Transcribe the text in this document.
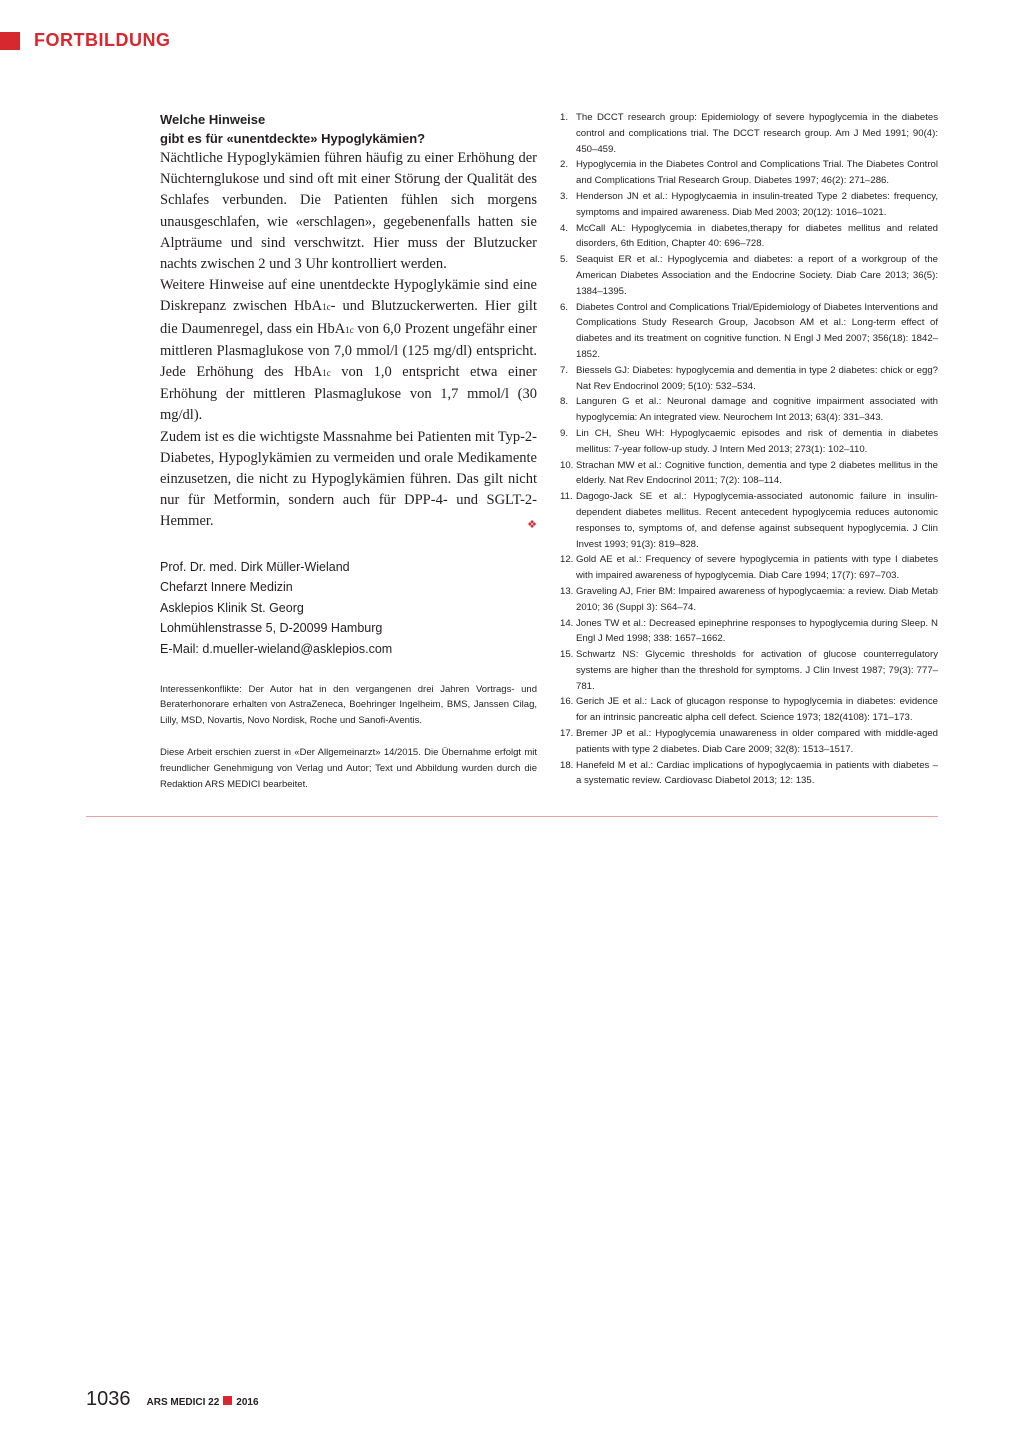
FORTBILDUNG
Welche Hinweise
gibt es für «unentdeckte» Hypoglykämien?

Nächtliche Hypoglykämien führen häufig zu einer Erhöhung der Nüchternglukose und sind oft mit einer Störung der Qualität des Schlafes verbunden. Die Patienten fühlen sich morgens unausgeschlafen, wie «erschlagen», gegebenenfalls hatten sie Alpträume und sind verschwitzt. Hier muss der Blutzucker nachts zwischen 2 und 3 Uhr kontrolliert werden.

Weitere Hinweise auf eine unentdeckte Hypoglykämie sind eine Diskrepanz zwischen HbA1c- und Blutzuckerwerten. Hier gilt die Daumenregel, dass ein HbA1c von 6,0 Prozent ungefähr einer mittleren Plasmaglukose von 7,0 mmol/l (125 mg/dl) entspricht. Jede Erhöhung des HbA1c von 1,0 entspricht etwa einer Erhöhung der mittleren Plasmaglukose von 1,7 mmol/l (30 mg/dl).

Zudem ist es die wichtigste Massnahme bei Patienten mit Typ-2-Diabetes, Hypoglykämien zu vermeiden und orale Medikamente einzusetzen, die nicht zu Hypoglykämien führen. Das gilt nicht nur für Metformin, sondern auch für DPP-4- und SGLT-2-Hemmer.	❖

Prof. Dr. med. Dirk Müller-Wieland
Chefarzt Innere Medizin
Asklepios Klinik St. Georg
Lohmühlenstrasse 5, D-20099 Hamburg
E-Mail: d.mueller-wieland@asklepios.com

Interessenkonflikte: Der Autor hat in den vergangenen drei Jahren Vortrags- und Beraterhonorare erhalten von AstraZeneca, Boehringer Ingelheim, BMS, Janssen Cilag, Lilly, MSD, Novartis, Novo Nordisk, Roche und Sanofi-Aventis.

Diese Arbeit erschien zuerst in «Der Allgemeinarzt» 14/2015. Die Übernahme erfolgt mit freundlicher Genehmigung von Verlag und Autor; Text und Abbildung wurden durch die Redaktion ARS MEDICI bearbeitet.

1. The DCCT research group: Epidemiology of severe hypoglycemia in the diabetes control and complications trial. The DCCT research group. Am J Med 1991; 90(4): 450–459.
2. Hypoglycemia in the Diabetes Control and Complications Trial. The Diabetes Control and Complications Trial Research Group. Diabetes 1997; 46(2): 271–286.
3. Henderson JN et al.: Hypoglycaemia in insulin-treated Type 2 diabetes: frequency, symptoms and impaired awareness. Diab Med 2003; 20(12): 1016–1021.
4. McCall AL: Hypoglycemia in diabetes,therapy for diabetes mellitus and related disorders, 6th Edition, Chapter 40: 696–728.
5. Seaquist ER et al.: Hypoglycemia and diabetes: a report of a workgroup of the American Diabetes Association and the Endocrine Society. Diab Care 2013; 36(5): 1384–1395.
6. Diabetes Control and Complications Trial/Epidemiology of Diabetes Interventions and Complications Study Research Group, Jacobson AM et al.: Long-term effect of diabetes and its treatment on cognitive function. N Engl J Med 2007; 356(18): 1842–1852.
7. Biessels GJ: Diabetes: hypoglycemia and dementia in type 2 diabetes: chick or egg? Nat Rev Endocrinol 2009; 5(10): 532–534.
8. Languren G et al.: Neuronal damage and cognitive impairment associated with hypoglycemia: An integrated view. Neurochem Int 2013; 63(4): 331–343.
9. Lin CH, Sheu WH: Hypoglycaemic episodes and risk of dementia in diabetes mellitus: 7-year follow-up study. J Intern Med 2013; 273(1): 102–110.
10. Strachan MW et al.: Cognitive function, dementia and type 2 diabetes mellitus in the elderly. Nat Rev Endocrinol 2011; 7(2): 108–114.
11. Dagogo-Jack SE et al.: Hypoglycemia-associated autonomic failure in insulin-dependent diabetes mellitus. Recent antecedent hypoglycemia reduces autonomic responses to, symptoms of, and defense against subsequent hypoglycemia. J Clin Invest 1993; 91(3): 819–828.
12. Gold AE et al.: Frequency of severe hypoglycemia in patients with type I diabetes with impaired awareness of hypoglycemia. Diab Care 1994; 17(7): 697–703.
13. Graveling AJ, Frier BM: Impaired awareness of hypoglycaemia: a review. Diab Metab 2010; 36 (Suppl 3): S64–74.
14. Jones TW et al.: Decreased epinephrine responses to hypoglycemia during Sleep. N Engl J Med 1998; 338: 1657–1662.
15. Schwartz NS: Glycemic thresholds for activation of glucose counterregulatory systems are higher than the threshold for symptoms. J Clin Invest 1987; 79(3): 777–781.
16. Gerich JE et al.: Lack of glucagon response to hypoglycemia in diabetes: evidence for an intrinsic pancreatic alpha cell defect. Science 1973; 182(4108): 171–173.
17. Bremer JP et al.: Hypoglycemia unawareness in older compared with middle-aged patients with type 2 diabetes. Diab Care 2009; 32(8): 1513–1517.
18. Hanefeld M et al.: Cardiac implications of hypoglycaemia in patients with diabetes – a systematic review. Cardiovasc Diabetol 2013; 12: 135.
1036 ARS MEDICI 22 2016
